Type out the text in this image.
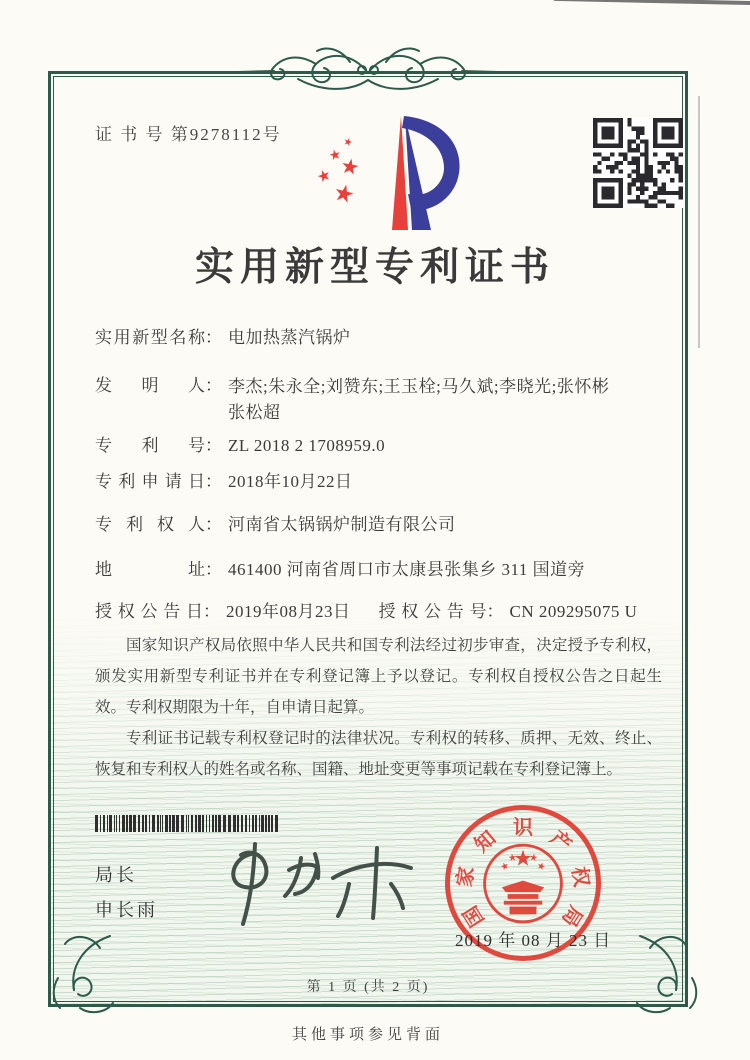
证 书 号 第9278112号
实用新型专利证书
实用新型名称 ： 电加热蒸汽锅炉
发明人 ： 李杰;朱永全;刘赞东;王玉栓;马久斌;李晓光;张怀彬
张松超
专利号 ： ZL 2018 2 1708959.0
专利申请日 ： 2018年10月22日
专利权人 ： 河南省太锅锅炉制造有限公司
地址 ： 461400 河南省周口市太康县张集乡 311 国道旁
授权公告日 ： 2019年08月23日 授权公告号 ： CN 209295075 U

国家知识产权局依照中华人民共和国专利法经过初步审查，决定授予专利权，颁发实用新型专利证书并在专利登记簿上予以登记。专利权自授权公告之日起生效。专利权期限为十年，自申请日起算。

专利证书记载专利权登记时的法律状况。专利权的转移、质押、无效、终止、恢复和专利权人的姓名或名称、国籍、地址变更等事项记载在专利登记簿上。

局长
申长雨	国
家
知 识 产
权
局
2019 年 08 月 23 日
第 1 页 (共 2 页)
其他事项参见背面
